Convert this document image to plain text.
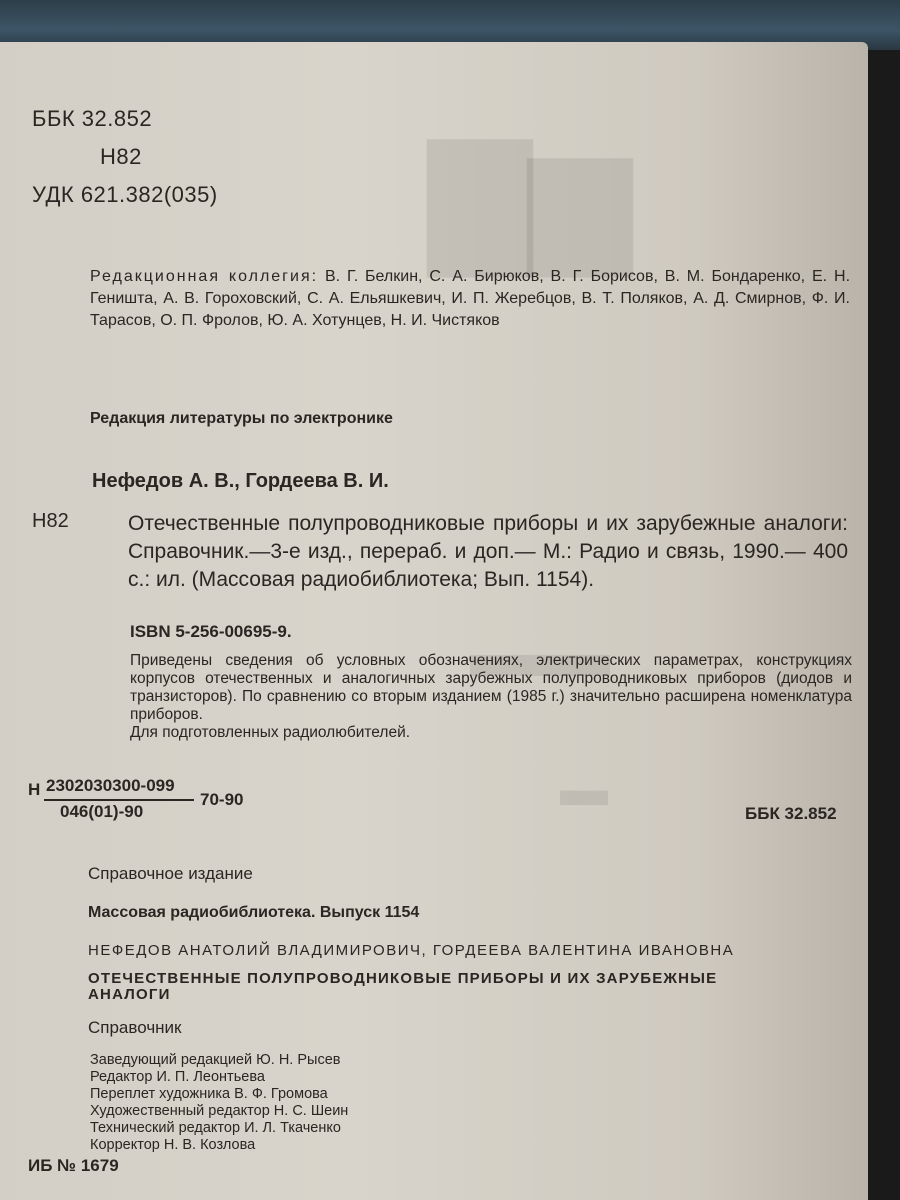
▇▆
▬▬
▬
ББК 32.852
Н82
УДК 621.382(035)
Редакционная коллегия: В. Г. Белкин, С. А. Бирюков, В. Г. Борисов, В. М. Бондаренко, Е. Н. Геништа, А. В. Гороховский, С. А. Ельяшкевич, И. П. Жеребцов, В. Т. Поляков, А. Д. Смирнов, Ф. И. Тарасов, О. П. Фролов, Ю. А. Хотунцев, Н. И. Чистяков
Редакция литературы по электронике
Нефедов А. В., Гордеева В. И.
Н82	Отечественные полупроводниковые приборы и их зарубежные аналоги: Справочник.—3-е изд., перераб. и доп.— М.: Радио и связь, 1990.— 400 с.: ил. (Массовая радиобиблиотека; Вып. 1154).
ISBN 5-256-00695-9.

Приведены сведения об условных обозначениях, электрических параметрах, конструкциях корпусов отечественных и аналогичных зарубежных полупроводниковых приборов (диодов и транзисторов). По сравнению со вторым изданием (1985 г.) значительно расширена номенклатура приборов.

Для подготовленных радиолюбителей.

Н 2302030300-099
046(01)-90
70-90
ББК 32.852
Справочное издание
Массовая радиобиблиотека. Выпуск 1154
НЕФЕДОВ АНАТОЛИЙ ВЛАДИМИРОВИЧ, ГОРДЕЕВА ВАЛЕНТИНА ИВАНОВНА
ОТЕЧЕСТВЕННЫЕ ПОЛУПРОВОДНИКОВЫЕ ПРИБОРЫ И ИХ ЗАРУБЕЖНЫЕ
АНАЛОГИ
Справочник
Заведующий редакцией Ю. Н. Рысев
Редактор И. П. Леонтьева
Переплет художника В. Ф. Громова
Художественный редактор Н. С. Шеин
Технический редактор И. Л. Ткаченко
Корректор Н. В. Козлова
ИБ № 1679
